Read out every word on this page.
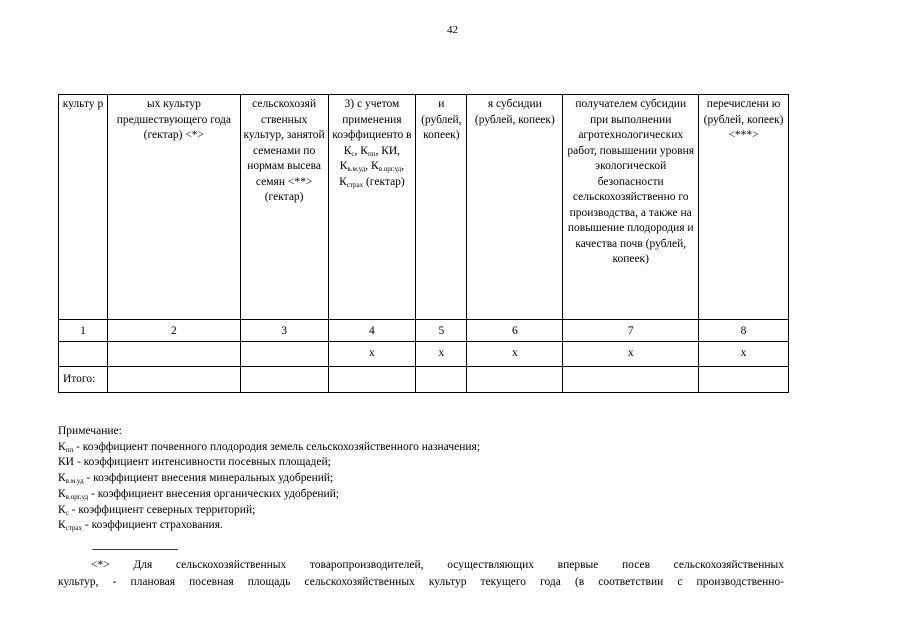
42
культу р	ых культур предшествующего года (гектар) <*>	сельскохозяй ственных культур, занятой семенами по нормам высева семян <**> (гектар)	3) с учетом применения коэффициенто в $К_с$, $К_{пп}$, КИ, $К_{в.м.уд}$, $К_{в.орг.уд}$, $К_{страх}$ (гектар)	и (рублей, копеек)	я субсидии (рублей, копеек)	получателем субсидии при выполнении агротехнологических работ, повышении уровня экологической безопасности сельскохозяйственно го производства, а также на повышение плодородия и качества почв (рублей, копеек)	перечислени ю (рублей, копеек) <***>
1	2	3	4	5	6	7	8
			x	x	x	x	x
Итого:							
Примечание:
$К_{пп}$ - коэффициент почвенного плодородия земель сельскохозяйственного назначения;
КИ - коэффициент интенсивности посевных площадей;
$К_{в.м.уд}$ - коэффициент внесения минеральных удобрений;
$К_{в.орг.уд}$ - коэффициент внесения органических удобрений;
$К_с$ - коэффициент северных территорий;
$К_{страх}$ - коэффициент страхования.
--------------------------------
<*> Для сельскохозяйственных товаропроизводителей, осуществляющих впервые посев сельскохозяйственных
культур, - плановая посевная площадь сельскохозяйственных культур текущего года (в соответствии с производственно-
